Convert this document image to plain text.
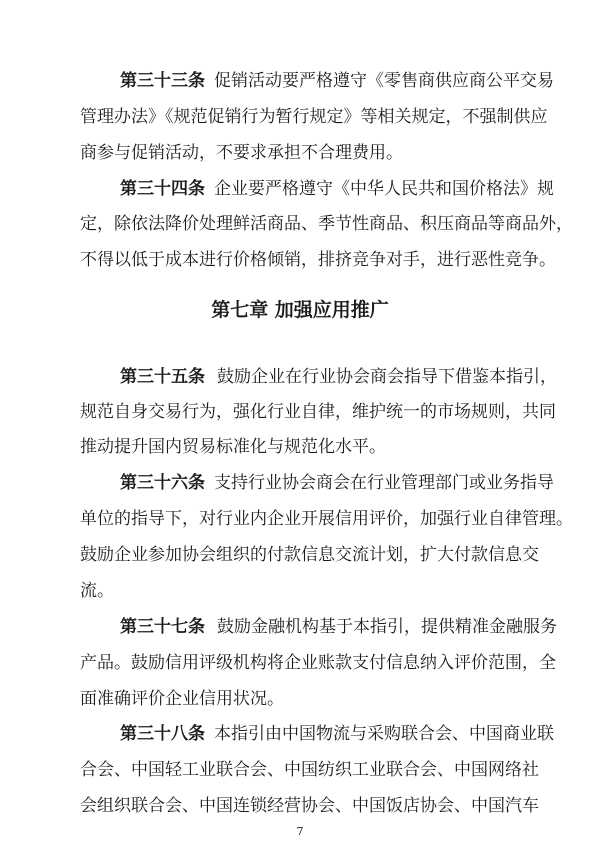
第三十三条 促销活动要严格遵守《零售商供应商公平交易
管理办法》《规范促销行为暂行规定》等相关规定，不强制供应
商参与促销活动，不要求承担不合理费用。
第三十四条 企业要严格遵守《中华人民共和国价格法》规
定，除依法降价处理鲜活商品、季节性商品、积压商品等商品外，
不得以低于成本进行价格倾销，排挤竞争对手，进行恶性竞争。
第七章 加强应用推广
第三十五条 鼓励企业在行业协会商会指导下借鉴本指引，
规范自身交易行为，强化行业自律，维护统一的市场规则，共同
推动提升国内贸易标准化与规范化水平。
第三十六条 支持行业协会商会在行业管理部门或业务指导
单位的指导下，对行业内企业开展信用评价，加强行业自律管理。
鼓励企业参加协会组织的付款信息交流计划，扩大付款信息交
流。
第三十七条 鼓励金融机构基于本指引，提供精准金融服务
产品。鼓励信用评级机构将企业账款支付信息纳入评价范围，全
面准确评价企业信用状况。
第三十八条 本指引由中国物流与采购联合会、中国商业联
合会、中国轻工业联合会、中国纺织工业联合会、中国网络社
会组织联合会、中国连锁经营协会、中国饭店协会、中国汽车
7
